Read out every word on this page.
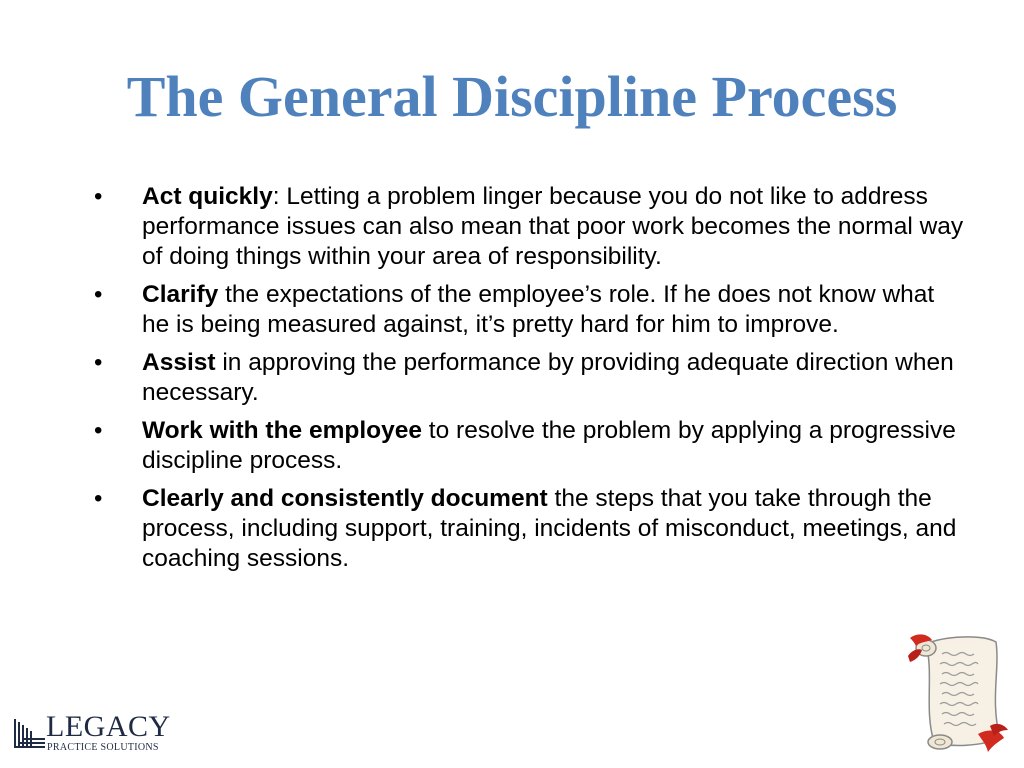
The General Discipline Process
• Act quickly: Letting a problem linger because you do not like to address performance issues can also mean that poor work becomes the normal way of doing things within your area of responsibility.
• Clarify the expectations of the employee’s role. If he does not know what he is being measured against, it’s pretty hard for him to improve.
• Assist in approving the performance by providing adequate direction when necessary.
• Work with the employee to resolve the problem by applying a progressive discipline process.
• Clearly and consistently document the steps that you take through the process, including support, training, incidents of misconduct, meetings, and coaching sessions.
LEGACY
PRACTICE SOLUTIONS
